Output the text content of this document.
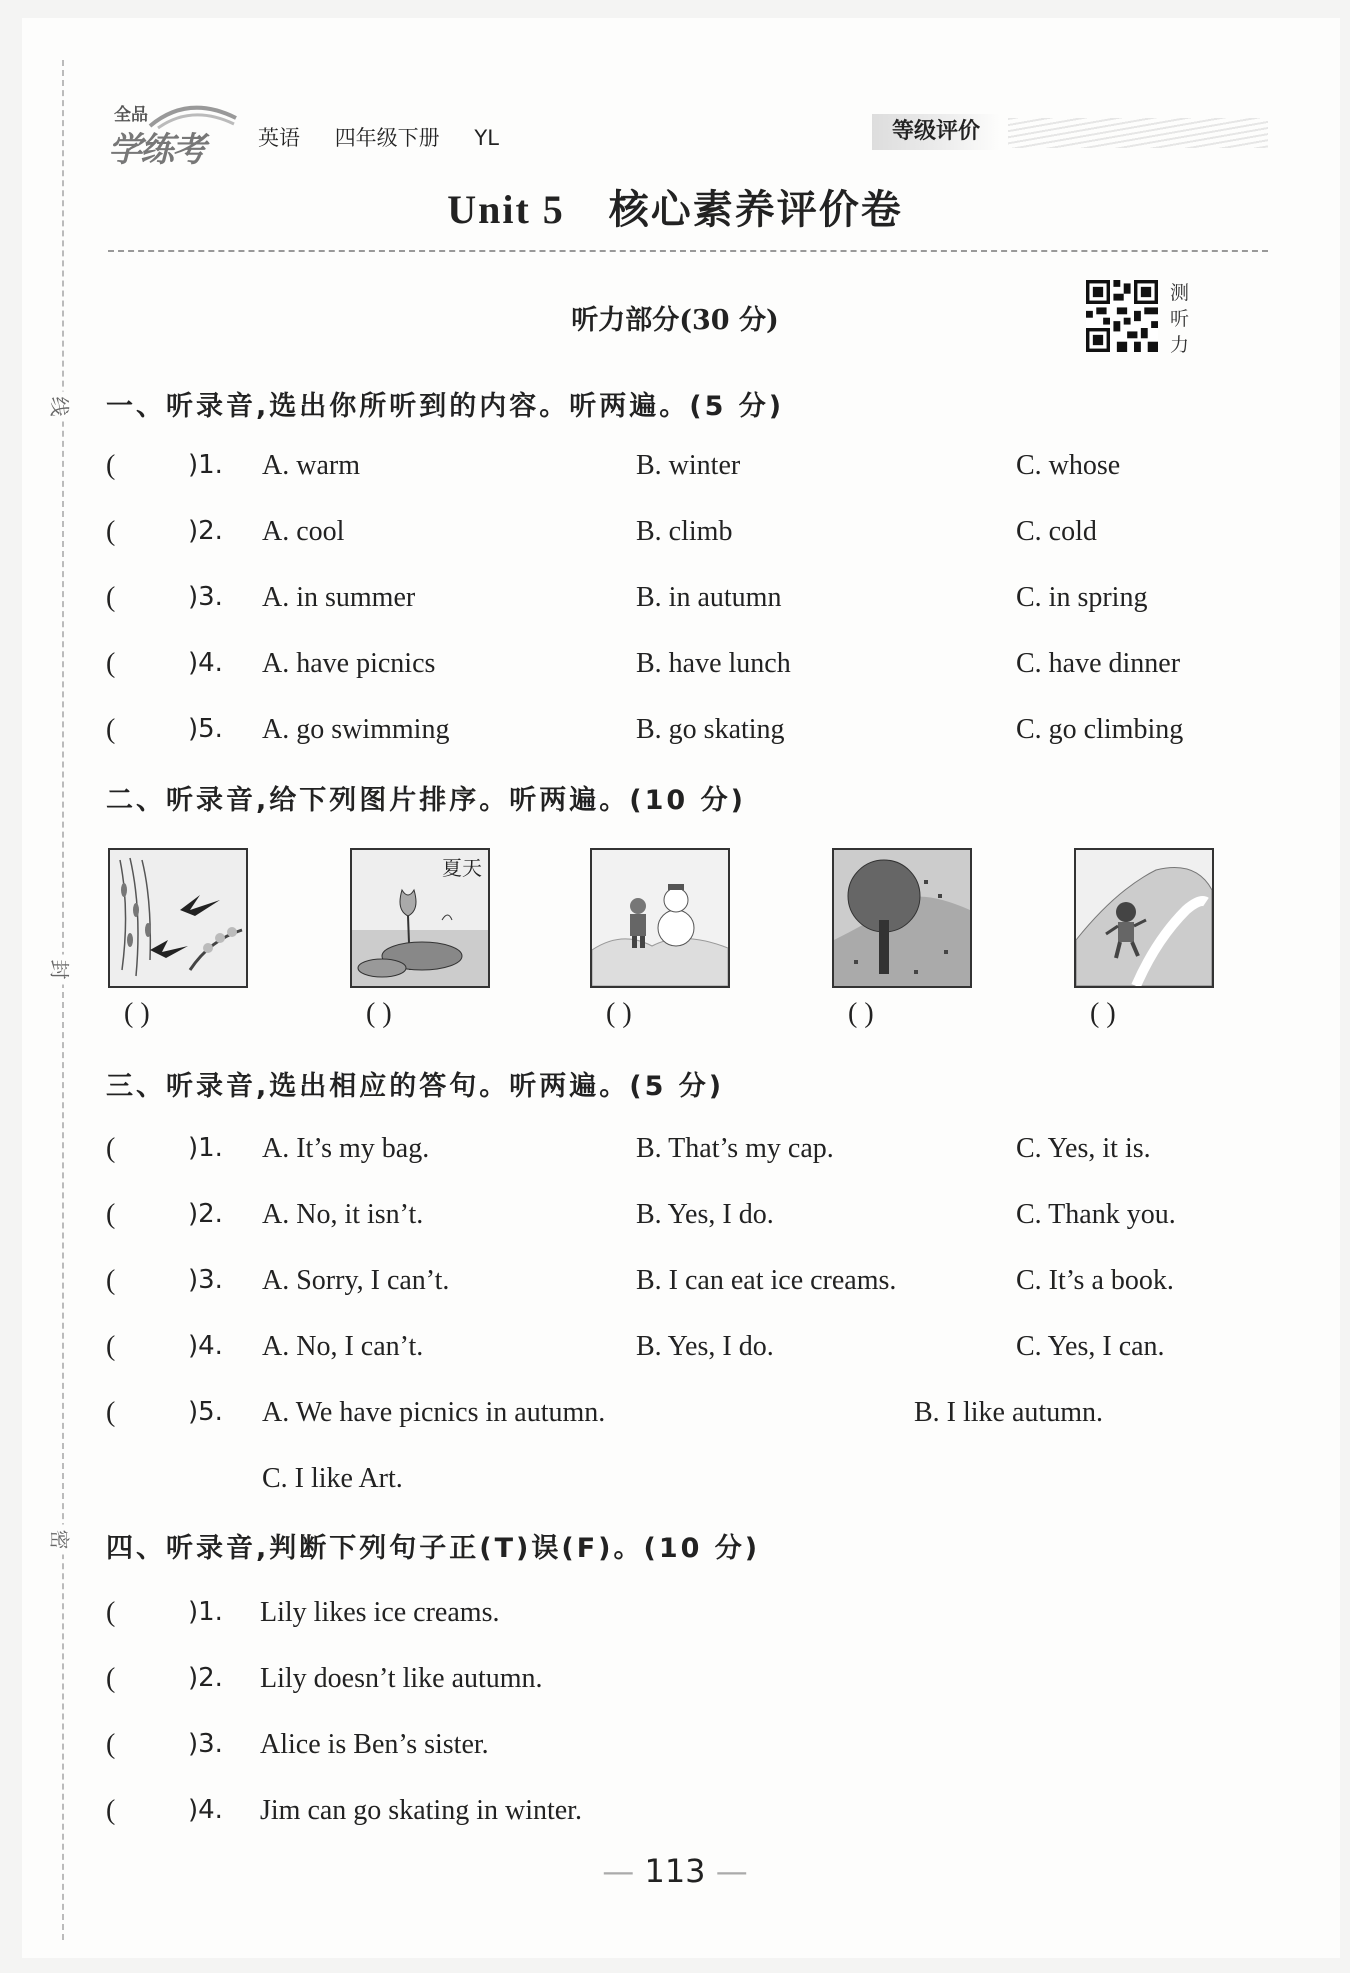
线
封
密
全品
学练考	英语 四年级下册 YL	等级评价
Unit 5 核心素养评价卷
听力部分(30 分)
测
听
力
一、听录音,选出你所听到的内容。听两遍。(5 分)
(	)1. A. warm	B. winter	C. whose
(	)2. A. cool	B. climb	C. cold
(	)3. A. in summer	B. in autumn	C. in spring
(	)4. A. have picnics	B. have lunch	C. have dinner
(	)5. A. go swimming	B. go skating	C. go climbing
二、听录音,给下列图片排序。听两遍。(10 分)
夏天
( )	( )	( )	( )	( )
三、听录音,选出相应的答句。听两遍。(5 分)
(	)1. A. It’s my bag.	B. That’s my cap.	C. Yes, it is.
(	)2. A. No, it isn’t.	B. Yes, I do.	C. Thank you.
(	)3. A. Sorry, I can’t.	B. I can eat ice creams.	C. It’s a book.
(	)4. A. No, I can’t.	B. Yes, I do.	C. Yes, I can.
(	)5. A. We have picnics in autumn.	B. I like autumn.
C. I like Art.
四、听录音,判断下列句子正(T)误(F)。(10 分)
(	)1. Lily likes ice creams.
(	)2. Lily doesn’t like autumn.
(	)3. Alice is Ben’s sister.
(	)4. Jim can go skating in winter.
— 113 —
